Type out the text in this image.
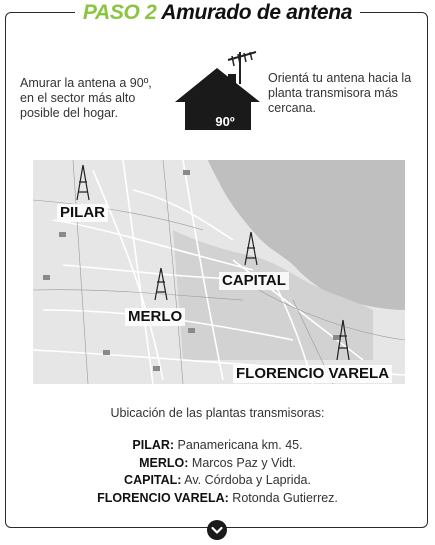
PASO 2 Amurado de antena
Amurar la antena a 90º, en el sector más alto posible del hogar.
90º
Orientá tu antena hacia la planta transmisora más cercana.
PILAR
CAPITAL
MERLO
FLORENCIO VARELA
Ubicación de las plantas transmisoras:
PILAR: Panamericana km. 45.
MERLO: Marcos Paz y Vidt.
CAPITAL: Av. Córdoba y Laprida.
FLORENCIO VARELA: Rotonda Gutierrez.
